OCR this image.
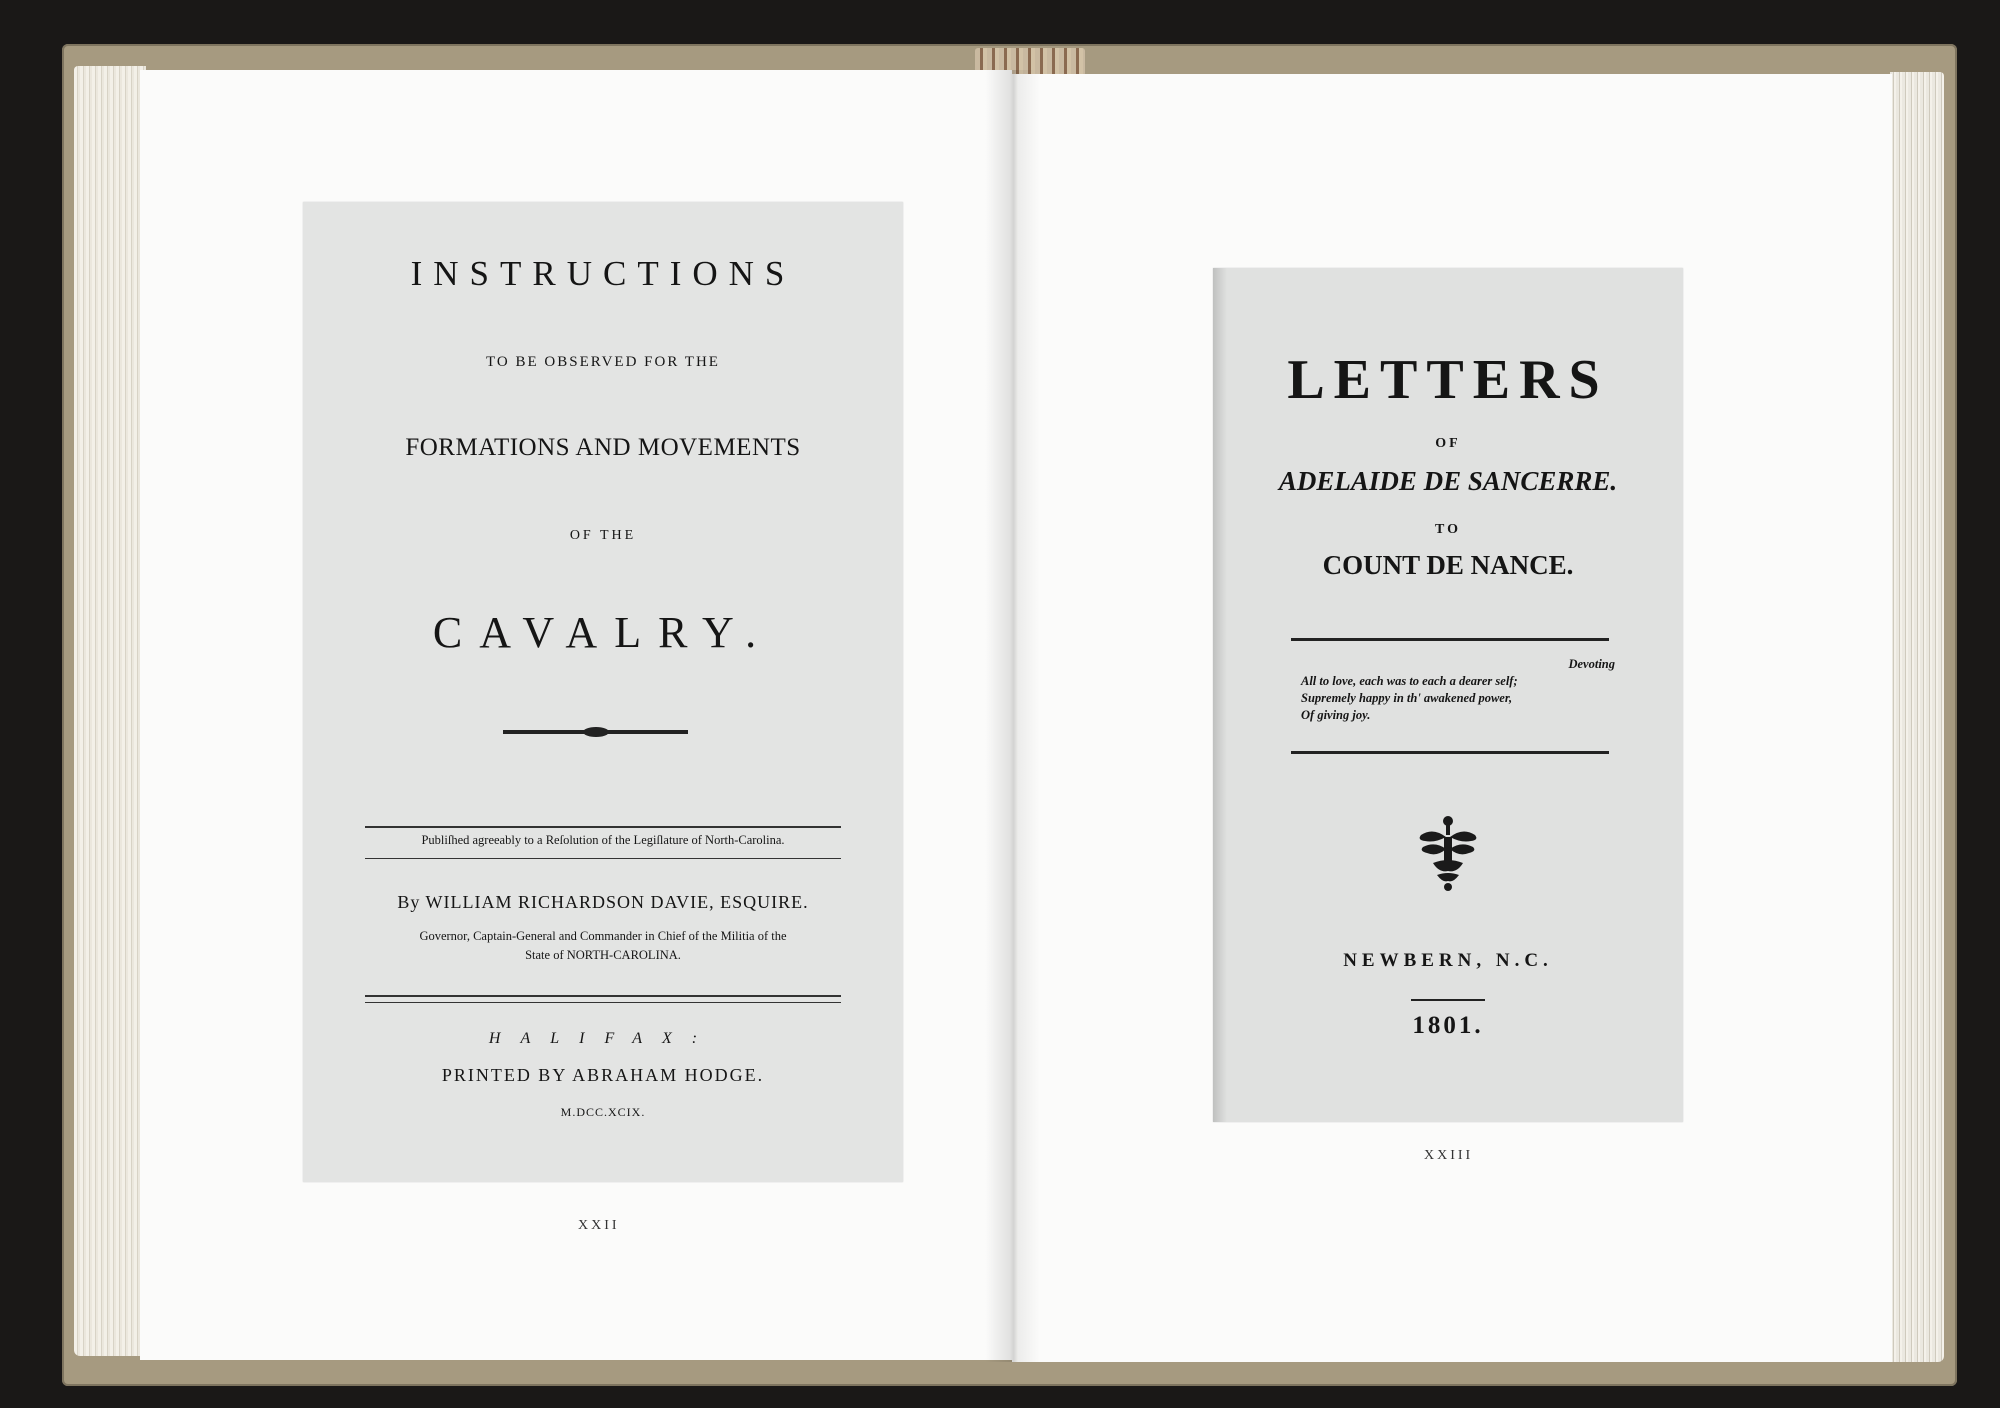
INSTRUCTIONS
TO BE OBSERVED FOR THE
FORMATIONS AND MOVEMENTS
OF THE
CAVALRY.
Publiſhed agreeably to a Reſolution of the Legiſlature of North-Carolina.
By WILLIAM RICHARDSON DAVIE, ESQUIRE.
Governor, Captain-General and Commander in Chief of the Militia of the
State of NORTH-CAROLINA.
HALIFAX:
PRINTED BY ABRAHAM HODGE.
M.DCC.XCIX.
XXII
LETTERS
OF
ADELAIDE DE SANCERRE.
TO
COUNT DE NANCE.
Devoting
All to love, each was to each a dearer self;
Supremely happy in th' awakened power,
Of giving joy.
NEWBERN, N.C.
1801.
XXIII
